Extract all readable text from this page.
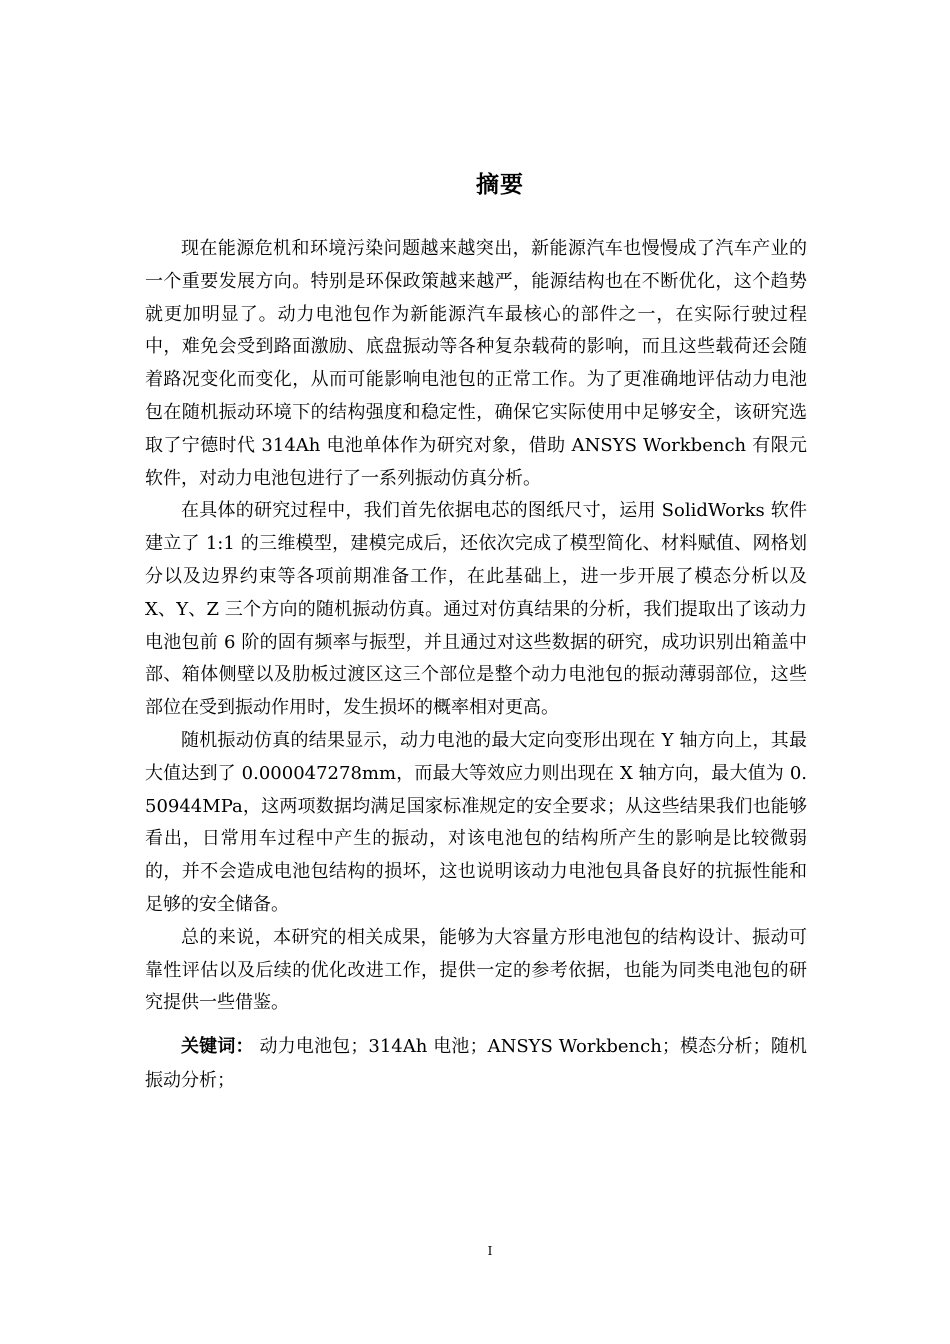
摘要

现在能源危机和环境污染问题越来越突出，新能源汽车也慢慢成了汽车产业的一个重要发展方向。特别是环保政策越来越严，能源结构也在不断优化，这个趋势就更加明显了。动力电池包作为新能源汽车最核心的部件之一，在实际行驶过程中，难免会受到路面激励、底盘振动等各种复杂载荷的影响，而且这些载荷还会随着路况变化而变化，从而可能影响电池包的正常工作。为了更准确地评估动力电池包在随机振动环境下的结构强度和稳定性，确保它实际使用中足够安全，该研究选取了宁德时代 314Ah 电池单体作为研究对象，借助 ANSYS Workbench 有限元软件，对动力电池包进行了一系列振动仿真分析。

在具体的研究过程中，我们首先依据电芯的图纸尺寸，运用 SolidWorks 软件建立了 1:1 的三维模型，建模完成后，还依次完成了模型简化、材料赋值、网格划分以及边界约束等各项前期准备工作，在此基础上，进一步开展了模态分析以及 X、Y、Z 三个方向的随机振动仿真。通过对仿真结果的分析，我们提取出了该动力电池包前 6 阶的固有频率与振型，并且通过对这些数据的研究，成功识别出箱盖中部、箱体侧壁以及肋板过渡区这三个部位是整个动力电池包的振动薄弱部位，这些部位在受到振动作用时，发生损坏的概率相对更高。

随机振动仿真的结果显示，动力电池的最大定向变形出现在 Y 轴方向上，其最大值达到了 0.000047278mm，而最大等效应力则出现在 X 轴方向，最大值为 0.50944MPa，这两项数据均满足国家标准规定的安全要求；从这些结果我们也能够看出，日常用车过程中产生的振动，对该电池包的结构所产生的影响是比较微弱的，并不会造成电池包结构的损坏，这也说明该动力电池包具备良好的抗振性能和足够的安全储备。

总的来说，本研究的相关成果，能够为大容量方形电池包的结构设计、振动可靠性评估以及后续的优化改进工作，提供一定的参考依据，也能为同类电池包的研究提供一些借鉴。

关键词： 动力电池包；314Ah 电池；ANSYS Workbench；模态分析；随机振动分析；

I
